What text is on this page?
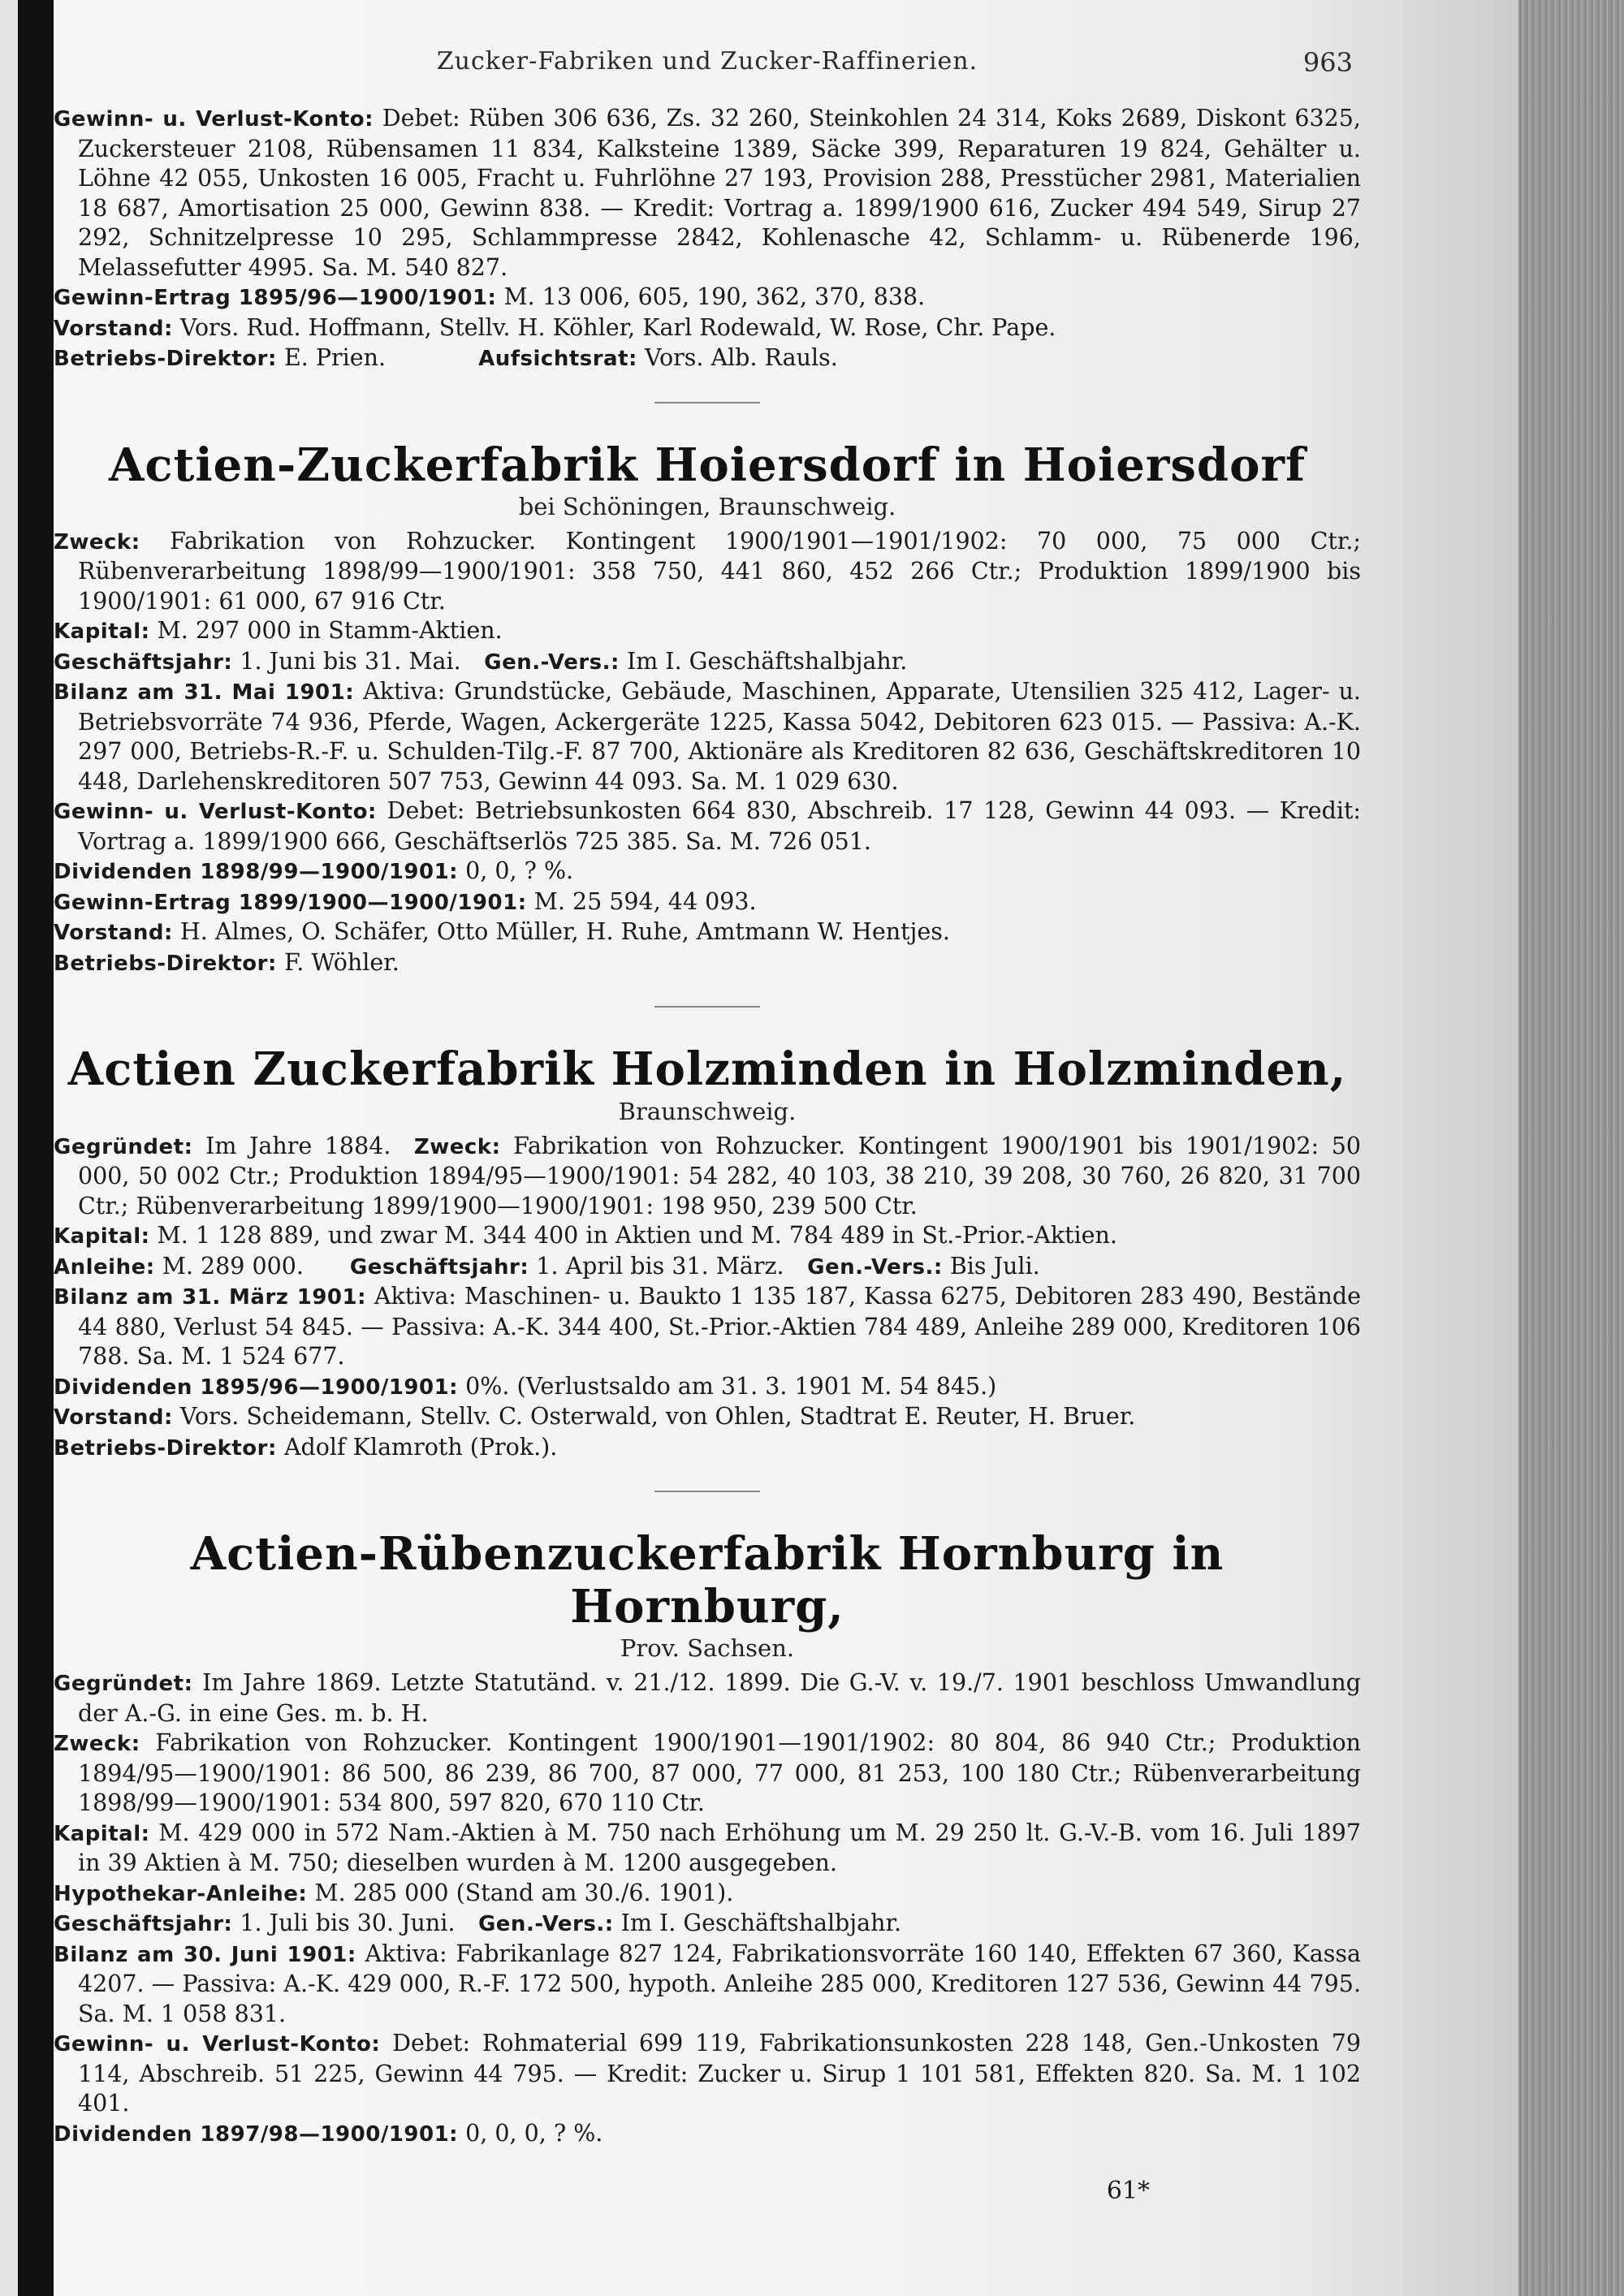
Zucker-Fabriken und Zucker-Raffinerien.	963

Gewinn- u. Verlust-Konto: Debet: Rüben 306 636, Zs. 32 260, Steinkohlen 24 314, Koks 2689, Diskont 6325, Zuckersteuer 2108, Rübensamen 11 834, Kalksteine 1389, Säcke 399, Reparaturen 19 824, Gehälter u. Löhne 42 055, Unkosten 16 005, Fracht u. Fuhrlöhne 27 193, Provision 288, Presstücher 2981, Materialien 18 687, Amortisation 25 000, Gewinn 838. — Kredit: Vortrag a. 1899/1900 616, Zucker 494 549, Sirup 27 292, Schnitzelpresse 10 295, Schlammpresse 2842, Kohlenasche 42, Schlamm- u. Rübenerde 196, Melassefutter 4995. Sa. M. 540 827.

Gewinn-Ertrag 1895/96—1900/1901: M. 13 006, 605, 190, 362, 370, 838.

Vorstand: Vors. Rud. Hoffmann, Stellv. H. Köhler, Karl Rodewald, W. Rose, Chr. Pape.

Betriebs-Direktor: E. Prien.    	Aufsichtsrat: Vors. Alb. Rauls.

Actien-Zuckerfabrik Hoiersdorf in Hoiersdorf
bei Schöningen, Braunschweig.

Zweck: Fabrikation von Rohzucker. Kontingent 1900/1901—1901/1902: 70 000, 75 000 Ctr.; Rübenverarbeitung 1898/99—1900/1901: 358 750, 441 860, 452 266 Ctr.; Produktion 1899/1900 bis 1900/1901: 61 000, 67 916 Ctr.

Kapital: M. 297 000 in Stamm-Aktien.

Geschäftsjahr: 1. Juni bis 31. Mai.  Gen.-Vers.: Im I. Geschäftshalbjahr.

Bilanz am 31. Mai 1901: Aktiva: Grundstücke, Gebäude, Maschinen, Apparate, Utensilien 325 412, Lager- u. Betriebsvorräte 74 936, Pferde, Wagen, Ackergeräte 1225, Kassa 5042, Debitoren 623 015. — Passiva: A.-K. 297 000, Betriebs-R.-F. u. Schulden-Tilg.-F. 87 700, Aktionäre als Kreditoren 82 636, Geschäftskreditoren 10 448, Darlehenskreditoren 507 753, Gewinn 44 093. Sa. M. 1 029 630.

Gewinn- u. Verlust-Konto: Debet: Betriebsunkosten 664 830, Abschreib. 17 128, Gewinn 44 093. — Kredit: Vortrag a. 1899/1900 666, Geschäftserlös 725 385. Sa. M. 726 051.

Dividenden 1898/99—1900/1901: 0, 0, ? %.

Gewinn-Ertrag 1899/1900—1900/1901: M. 25 594, 44 093.

Vorstand: H. Almes, O. Schäfer, Otto Müller, H. Ruhe, Amtmann W. Hentjes.

Betriebs-Direktor: F. Wöhler.

Actien Zuckerfabrik Holzminden in Holzminden,
Braunschweig.

Gegründet: Im Jahre 1884.  Zweck: Fabrikation von Rohzucker. Kontingent 1900/1901 bis 1901/1902: 50 000, 50 002 Ctr.; Produktion 1894/95—1900/1901: 54 282, 40 103, 38 210, 39 208, 30 760, 26 820, 31 700 Ctr.; Rübenverarbeitung 1899/1900—1900/1901: 198 950, 239 500 Ctr.

Kapital: M. 1 128 889, und zwar M. 344 400 in Aktien und M. 784 489 in St.-Prior.-Aktien.

Anleihe: M. 289 000.   Geschäftsjahr: 1. April bis 31. März.  Gen.-Vers.: Bis Juli.

Bilanz am 31. März 1901: Aktiva: Maschinen- u. Baukto 1 135 187, Kassa 6275, Debitoren 283 490, Bestände 44 880, Verlust 54 845. — Passiva: A.-K. 344 400, St.-Prior.-Aktien 784 489, Anleihe 289 000, Kreditoren 106 788. Sa. M. 1 524 677.

Dividenden 1895/96—1900/1901: 0%. (Verlustsaldo am 31. 3. 1901 M. 54 845.)

Vorstand: Vors. Scheidemann, Stellv. C. Osterwald, von Ohlen, Stadtrat E. Reuter, H. Bruer.

Betriebs-Direktor: Adolf Klamroth (Prok.).

Actien-Rübenzuckerfabrik Hornburg in Hornburg,
Prov. Sachsen.

Gegründet: Im Jahre 1869. Letzte Statutänd. v. 21./12. 1899. Die G.-V. v. 19./7. 1901 beschloss Umwandlung der A.-G. in eine Ges. m. b. H.

Zweck: Fabrikation von Rohzucker. Kontingent 1900/1901—1901/1902: 80 804, 86 940 Ctr.; Produktion 1894/95—1900/1901: 86 500, 86 239, 86 700, 87 000, 77 000, 81 253, 100 180 Ctr.; Rübenverarbeitung 1898/99—1900/1901: 534 800, 597 820, 670 110 Ctr.

Kapital: M. 429 000 in 572 Nam.-Aktien à M. 750 nach Erhöhung um M. 29 250 lt. G.-V.-B. vom 16. Juli 1897 in 39 Aktien à M. 750; dieselben wurden à M. 1200 ausgegeben.

Hypothekar-Anleihe: M. 285 000 (Stand am 30./6. 1901).

Geschäftsjahr: 1. Juli bis 30. Juni.  Gen.-Vers.: Im I. Geschäftshalbjahr.

Bilanz am 30. Juni 1901: Aktiva: Fabrikanlage 827 124, Fabrikationsvorräte 160 140, Effekten 67 360, Kassa 4207. — Passiva: A.-K. 429 000, R.-F. 172 500, hypoth. Anleihe 285 000, Kreditoren 127 536, Gewinn 44 795. Sa. M. 1 058 831.

Gewinn- u. Verlust-Konto: Debet: Rohmaterial 699 119, Fabrikationsunkosten 228 148, Gen.-Unkosten 79 114, Abschreib. 51 225, Gewinn 44 795. — Kredit: Zucker u. Sirup 1 101 581, Effekten 820. Sa. M. 1 102 401.

Dividenden 1897/98—1900/1901: 0, 0, 0, ? %.

61*
